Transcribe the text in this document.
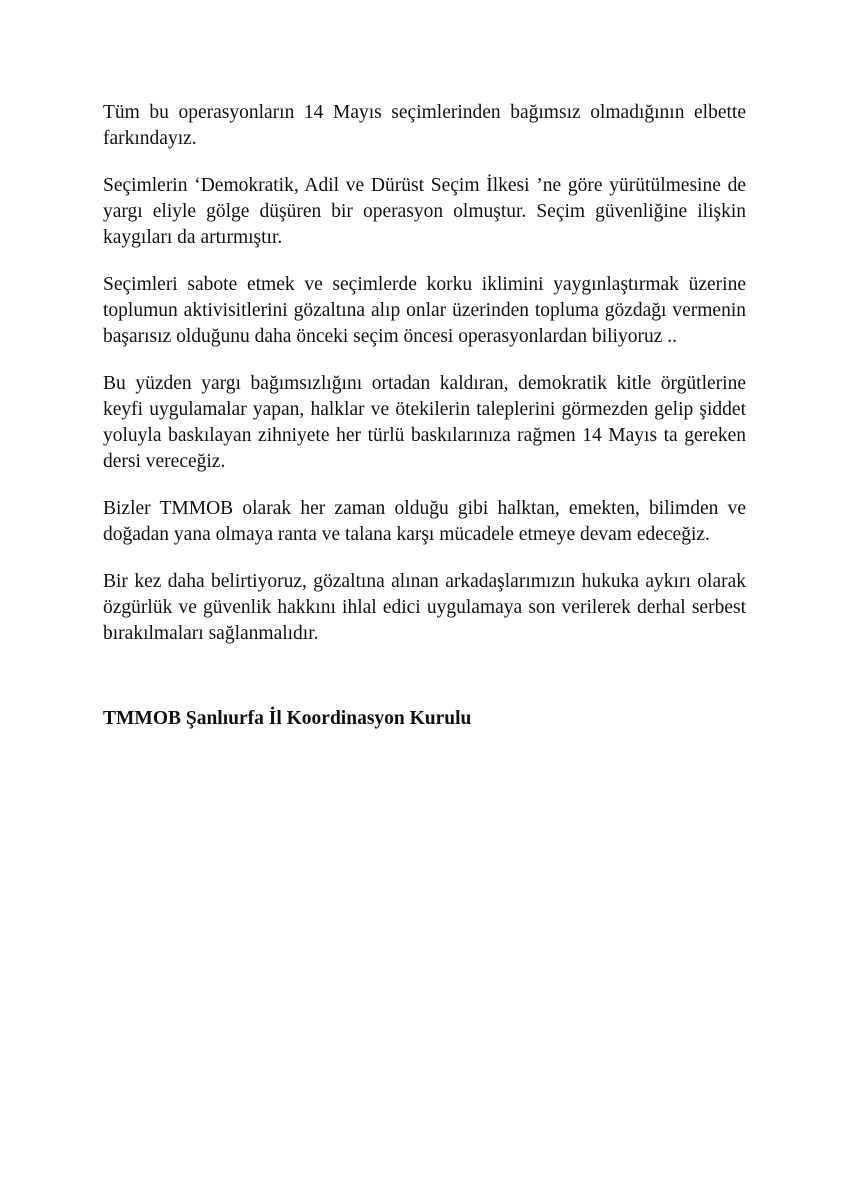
Tüm bu operasyonların 14 Mayıs seçimlerinden bağımsız olmadığının elbette farkındayız.

Seçimlerin ‘Demokratik, Adil ve Dürüst Seçim İlkesi ’ne göre yürütülmesine de yargı eliyle gölge düşüren bir operasyon olmuştur. Seçim güvenliğine ilişkin kaygıları da artırmıştır.

Seçimleri sabote etmek ve seçimlerde korku iklimini yaygınlaştırmak üzerine toplumun aktivisitlerini gözaltına alıp onlar üzerinden topluma gözdağı vermenin başarısız olduğunu daha önceki seçim öncesi operasyonlardan biliyoruz ..

Bu yüzden yargı bağımsızlığını ortadan kaldıran, demokratik kitle örgütlerine keyfi uygulamalar yapan, halklar ve ötekilerin taleplerini görmezden gelip şiddet yoluyla baskılayan zihniyete her türlü baskılarınıza rağmen 14 Mayıs ta gereken dersi vereceğiz.

Bizler TMMOB olarak her zaman olduğu gibi halktan, emekten, bilimden ve doğadan yana olmaya ranta ve talana karşı mücadele etmeye devam edeceğiz.

Bir kez daha belirtiyoruz, gözaltına alınan arkadaşlarımızın hukuka aykırı olarak özgürlük ve güvenlik hakkını ihlal edici uygulamaya son verilerek derhal serbest bırakılmaları sağlanmalıdır.

TMMOB Şanlıurfa İl Koordinasyon Kurulu
